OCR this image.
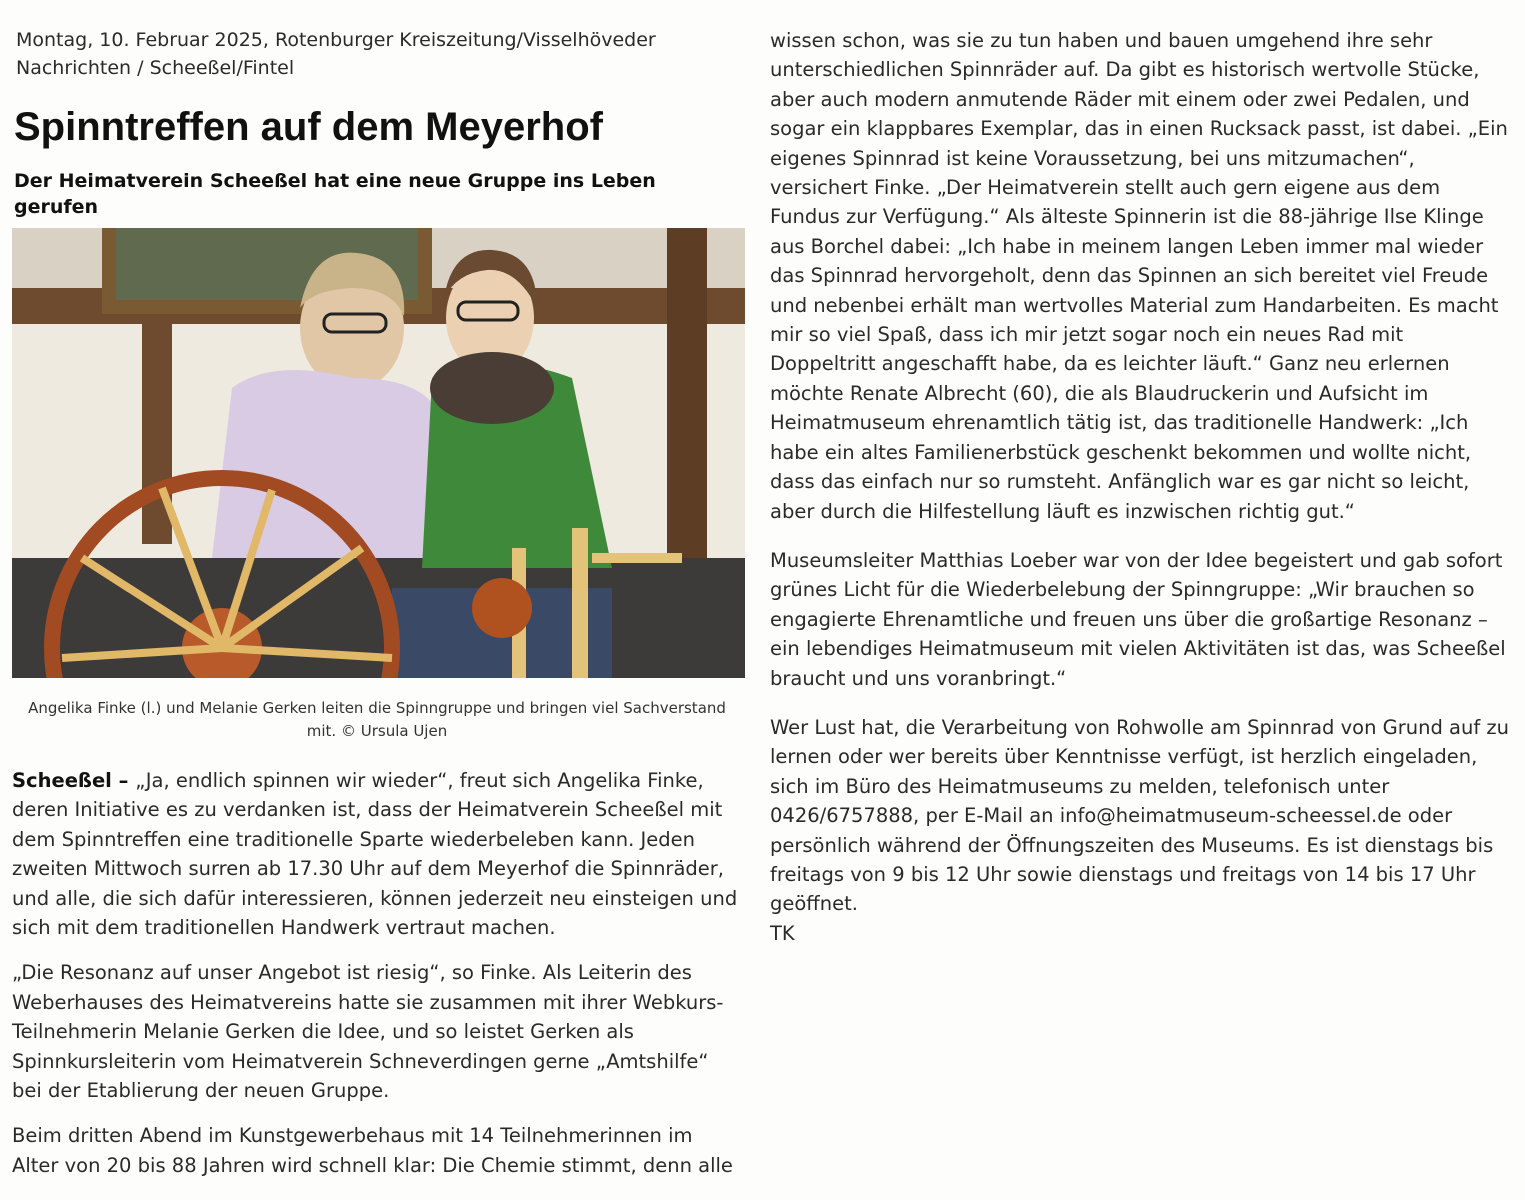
Montag, 10. Februar 2025, Rotenburger Kreiszeitung/Visselhöveder Nachrichten / Scheeßel/Fintel

Spinntreffen auf dem Meyerhof

Der Heimatverein Scheeßel hat eine neue Gruppe ins Leben gerufen

Angelika Finke (l.) und Melanie Gerken leiten die Spinngruppe und bringen viel Sachverstand mit. © Ursula Ujen

Scheeßel – „Ja, endlich spinnen wir wieder“, freut sich Angelika Finke, deren Initiative es zu verdanken ist, dass der Heimatverein Scheeßel mit dem Spinntreffen eine traditionelle Sparte wiederbeleben kann. Jeden zweiten Mittwoch surren ab 17.30 Uhr auf dem Meyerhof die Spinnräder, und alle, die sich dafür interessieren, können jederzeit neu einsteigen und sich mit dem traditionellen Handwerk vertraut machen.

„Die Resonanz auf unser Angebot ist riesig“, so Finke. Als Leiterin des Weberhauses des Heimatvereins hatte sie zusammen mit ihrer Webkurs-Teilnehmerin Melanie Gerken die Idee, und so leistet Gerken als Spinnkursleiterin vom Heimatverein Schneverdingen gerne „Amtshilfe“ bei der Etablierung der neuen Gruppe.

Beim dritten Abend im Kunstgewerbehaus mit 14 Teilnehmerinnen im Alter von 20 bis 88 Jahren wird schnell klar: Die Chemie stimmt, denn alle

wissen schon, was sie zu tun haben und bauen umgehend ihre sehr unterschiedlichen Spinnräder auf. Da gibt es historisch wertvolle Stücke, aber auch modern anmutende Räder mit einem oder zwei Pedalen, und sogar ein klappbares Exemplar, das in einen Rucksack passt, ist dabei. „Ein eigenes Spinnrad ist keine Voraussetzung, bei uns mitzumachen“, versichert Finke. „Der Heimatverein stellt auch gern eigene aus dem Fundus zur Verfügung.“ Als älteste Spinnerin ist die 88-jährige Ilse Klinge aus Borchel dabei: „Ich habe in meinem langen Leben immer mal wieder das Spinnrad hervorgeholt, denn das Spinnen an sich bereitet viel Freude und nebenbei erhält man wertvolles Material zum Handarbeiten. Es macht mir so viel Spaß, dass ich mir jetzt sogar noch ein neues Rad mit Doppeltritt angeschafft habe, da es leichter läuft.“ Ganz neu erlernen möchte Renate Albrecht (60), die als Blaudruckerin und Aufsicht im Heimatmuseum ehrenamtlich tätig ist, das traditionelle Handwerk: „Ich habe ein altes Familienerbstück geschenkt bekommen und wollte nicht, dass das einfach nur so rumsteht. Anfänglich war es gar nicht so leicht, aber durch die Hilfestellung läuft es inzwischen richtig gut.“

Museumsleiter Matthias Loeber war von der Idee begeistert und gab sofort grünes Licht für die Wiederbelebung der Spinngruppe: „Wir brauchen so engagierte Ehrenamtliche und freuen uns über die großartige Resonanz – ein lebendiges Heimatmuseum mit vielen Aktivitäten ist das, was Scheeßel braucht und uns voranbringt.“

Wer Lust hat, die Verarbeitung von Rohwolle am Spinnrad von Grund auf zu lernen oder wer bereits über Kenntnisse verfügt, ist herzlich eingeladen, sich im Büro des Heimatmuseums zu melden, telefonisch unter 0426/6757888, per E-Mail an info@heimatmuseum-scheessel.de oder persönlich während der Öffnungszeiten des Museums. Es ist dienstags bis freitags von 9 bis 12 Uhr sowie dienstags und freitags von 14 bis 17 Uhr geöffnet.

TK
